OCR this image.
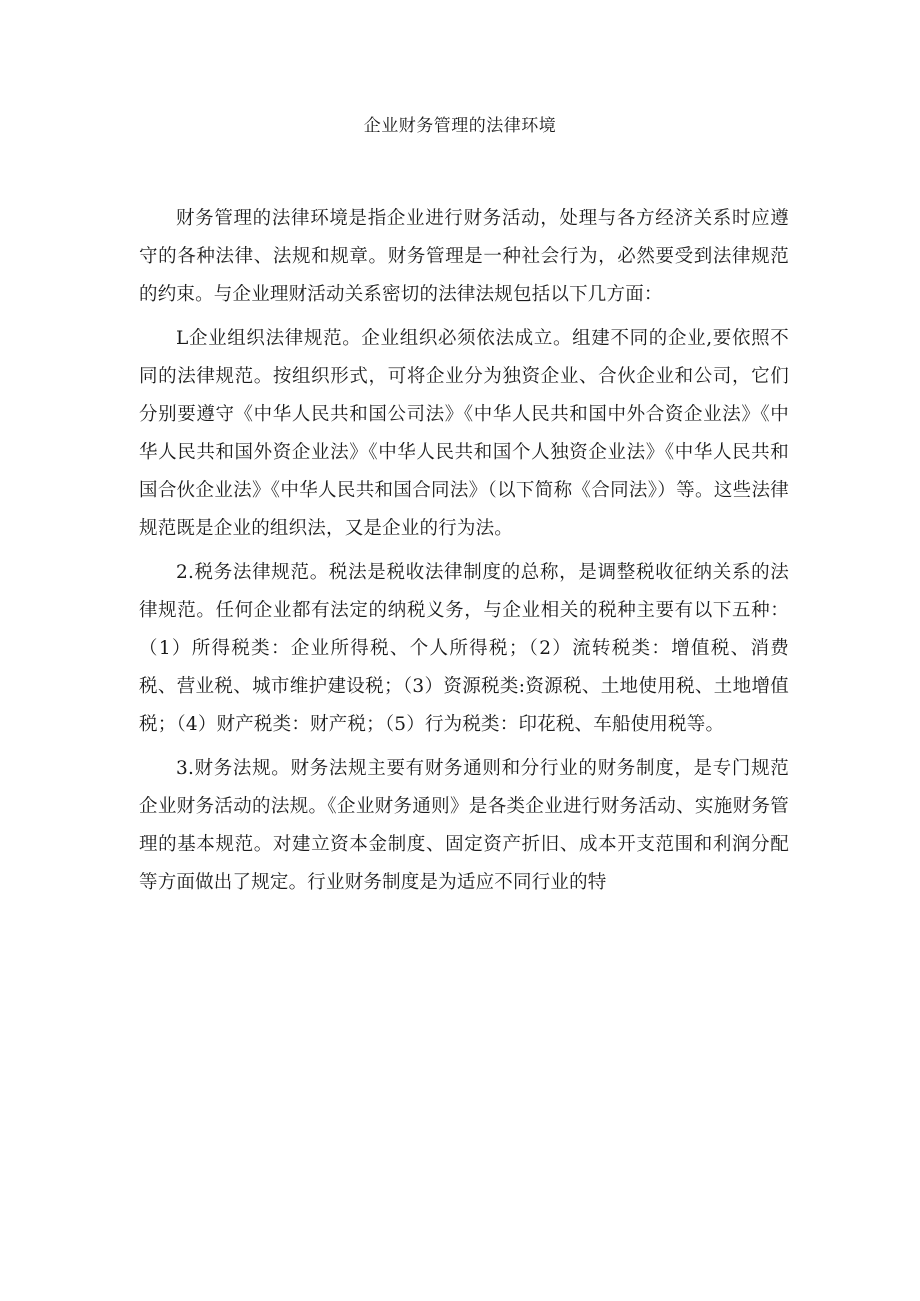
企业财务管理的法律环境

财务管理的法律环境是指企业进行财务活动，处理与各方经济关系时应遵守的各种法律、法规和规章。财务管理是一种社会行为，必然要受到法律规范的约束。与企业理财活动关系密切的法律法规包括以下几方面：

L企业组织法律规范。企业组织必须依法成立。组建不同的企业,要依照不同的法律规范。按组织形式，可将企业分为独资企业、合伙企业和公司，它们分别要遵守《中华人民共和国公司法》《中华人民共和国中外合资企业法》《中华人民共和国外资企业法》《中华人民共和国个人独资企业法》《中华人民共和国合伙企业法》《中华人民共和国合同法》（以下简称《合同法》）等。这些法律规范既是企业的组织法，又是企业的行为法。

2.税务法律规范。税法是税收法律制度的总称，是调整税收征纳关系的法律规范。任何企业都有法定的纳税义务，与企业相关的税种主要有以下五种：（1）所得税类：企业所得税、个人所得税；（2）流转税类：增值税、消费税、营业税、城市维护建设税；（3）资源税类:资源税、土地使用税、土地增值税；（4）财产税类：财产税；（5）行为税类：印花税、车船使用税等。

3.财务法规。财务法规主要有财务通则和分行业的财务制度，是专门规范企业财务活动的法规。《企业财务通则》是各类企业进行财务活动、实施财务管理的基本规范。对建立资本金制度、固定资产折旧、成本开支范围和利润分配等方面做出了规定。行业财务制度是为适应不同行业的特
